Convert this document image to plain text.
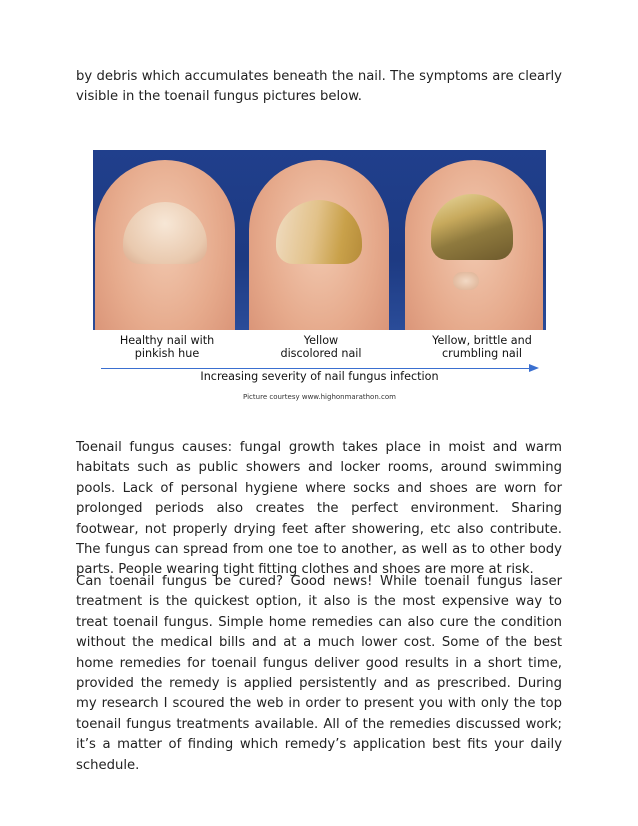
by debris which accumulates beneath the nail. The symptoms are clearly visible in the toenail fungus pictures below.

Healthy nail with
pinkish hue
Yellow
discolored nail
Yellow, brittle and
crumbling nail
Increasing severity of nail fungus infection
Picture courtesy www.highonmarathon.com

Toenail fungus causes: fungal growth takes place in moist and warm habitats such as public showers and locker rooms, around swimming pools. Lack of personal hygiene where socks and shoes are worn for prolonged periods also creates the perfect environment. Sharing footwear, not properly drying feet after showering, etc also contribute. The fungus can spread from one toe to another, as well as to other body parts. People wearing tight fitting clothes and shoes are more at risk.

Can toenail fungus be cured? Good news! While toenail fungus laser treatment is the quickest option, it also is the most expensive way to treat toenail fungus. Simple home remedies can also cure the condition without the medical bills and at a much lower cost. Some of the best home remedies for toenail fungus deliver good results in a short time, provided the remedy is applied persistently and as prescribed. During my research I scoured the web in order to present you with only the top toenail fungus treatments available. All of the remedies discussed work; it’s a matter of finding which remedy’s application best fits your daily schedule.
